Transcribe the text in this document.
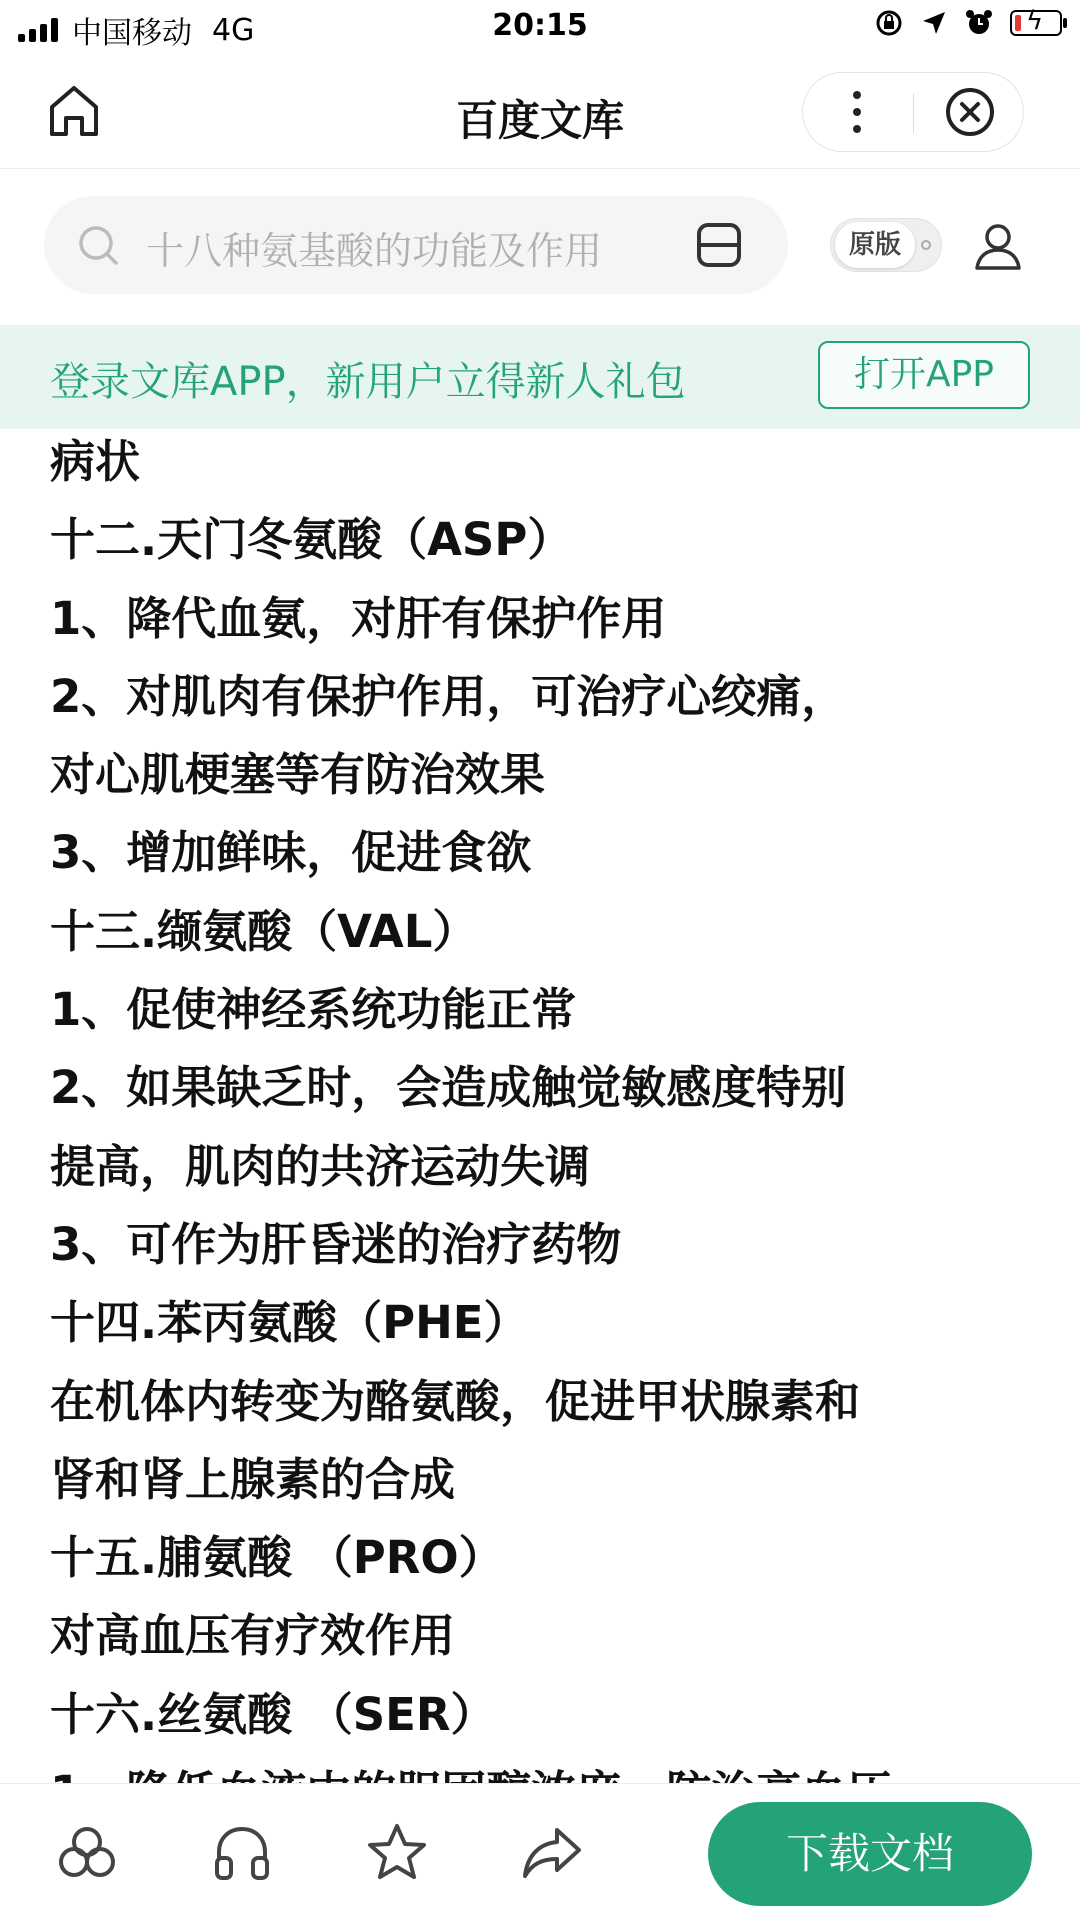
中国移动 4G	20:15	ϟ
百度文库
十八种氨基酸的功能及作用	原版
登录文库APP，新用户立得新人礼包	打开APP
病状
十二.天门冬氨酸（ASP）
1、降代血氨，对肝有保护作用
2、对肌肉有保护作用，可治疗心绞痛，
对心肌梗塞等有防治效果
3、增加鲜味，促进食欲
十三.缬氨酸（VAL）
1、促使神经系统功能正常
2、如果缺乏时，会造成触觉敏感度特别
提高，肌肉的共济运动失调
3、可作为肝昏迷的治疗药物
十四.苯丙氨酸（PHE）
在机体内转变为酪氨酸，促进甲状腺素和
肾和肾上腺素的合成
十五.脯氨酸 （PRO）
对高血压有疗效作用
十六.丝氨酸 （SER）
下载文档
